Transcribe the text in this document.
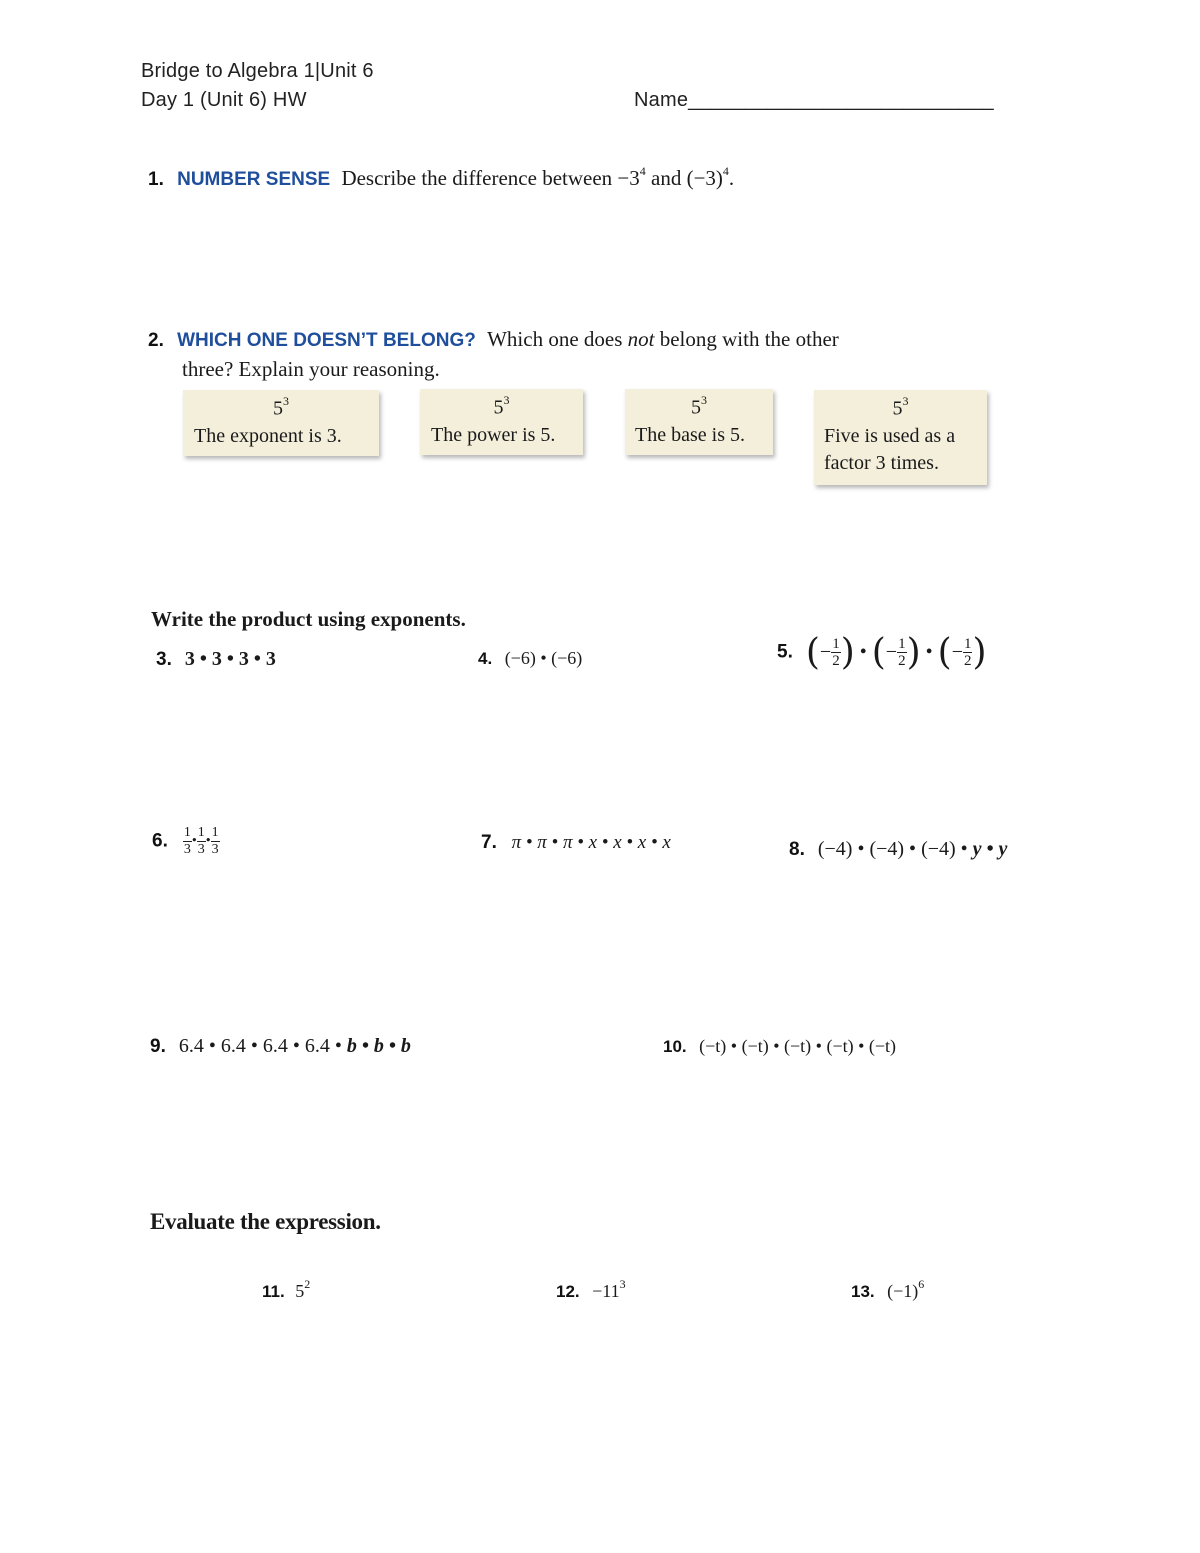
Bridge to Algebra 1|Unit 6
Day 1 (Unit 6) HW	Name___________________________
1. NUMBER SENSE Describe the difference between $-3^4$ and $(-3)^4$.
2. WHICH ONE DOESN’T BELONG? Which one does not belong with the other
three? Explain your reasoning.
$5^3$
The exponent is 3.
$5^3$
The power is 5.
$5^3$
The base is 5.
$5^3$
Five is used as a
factor 3 times.
Write the product using exponents.
3. 3 • 3 • 3 • 3	4. (−6) • (−6)	5. (− $\frac{1}{2}$ ) • (− $\frac{1}{2}$ ) • (− $\frac{1}{2}$ )
6. $\frac{1}{3}$ • $\frac{1}{3}$ • $\frac{1}{3}$	7. π • π • π • x • x • x • x	8. (−4) • (−4) • (−4) • y • y
9. 6.4 • 6.4 • 6.4 • 6.4 • b • b • b	10. (−t) • (−t) • (−t) • (−t) • (−t)
Evaluate the expression.
11. $5^2$	12. $-11^3$	13. $(-1)^6$
